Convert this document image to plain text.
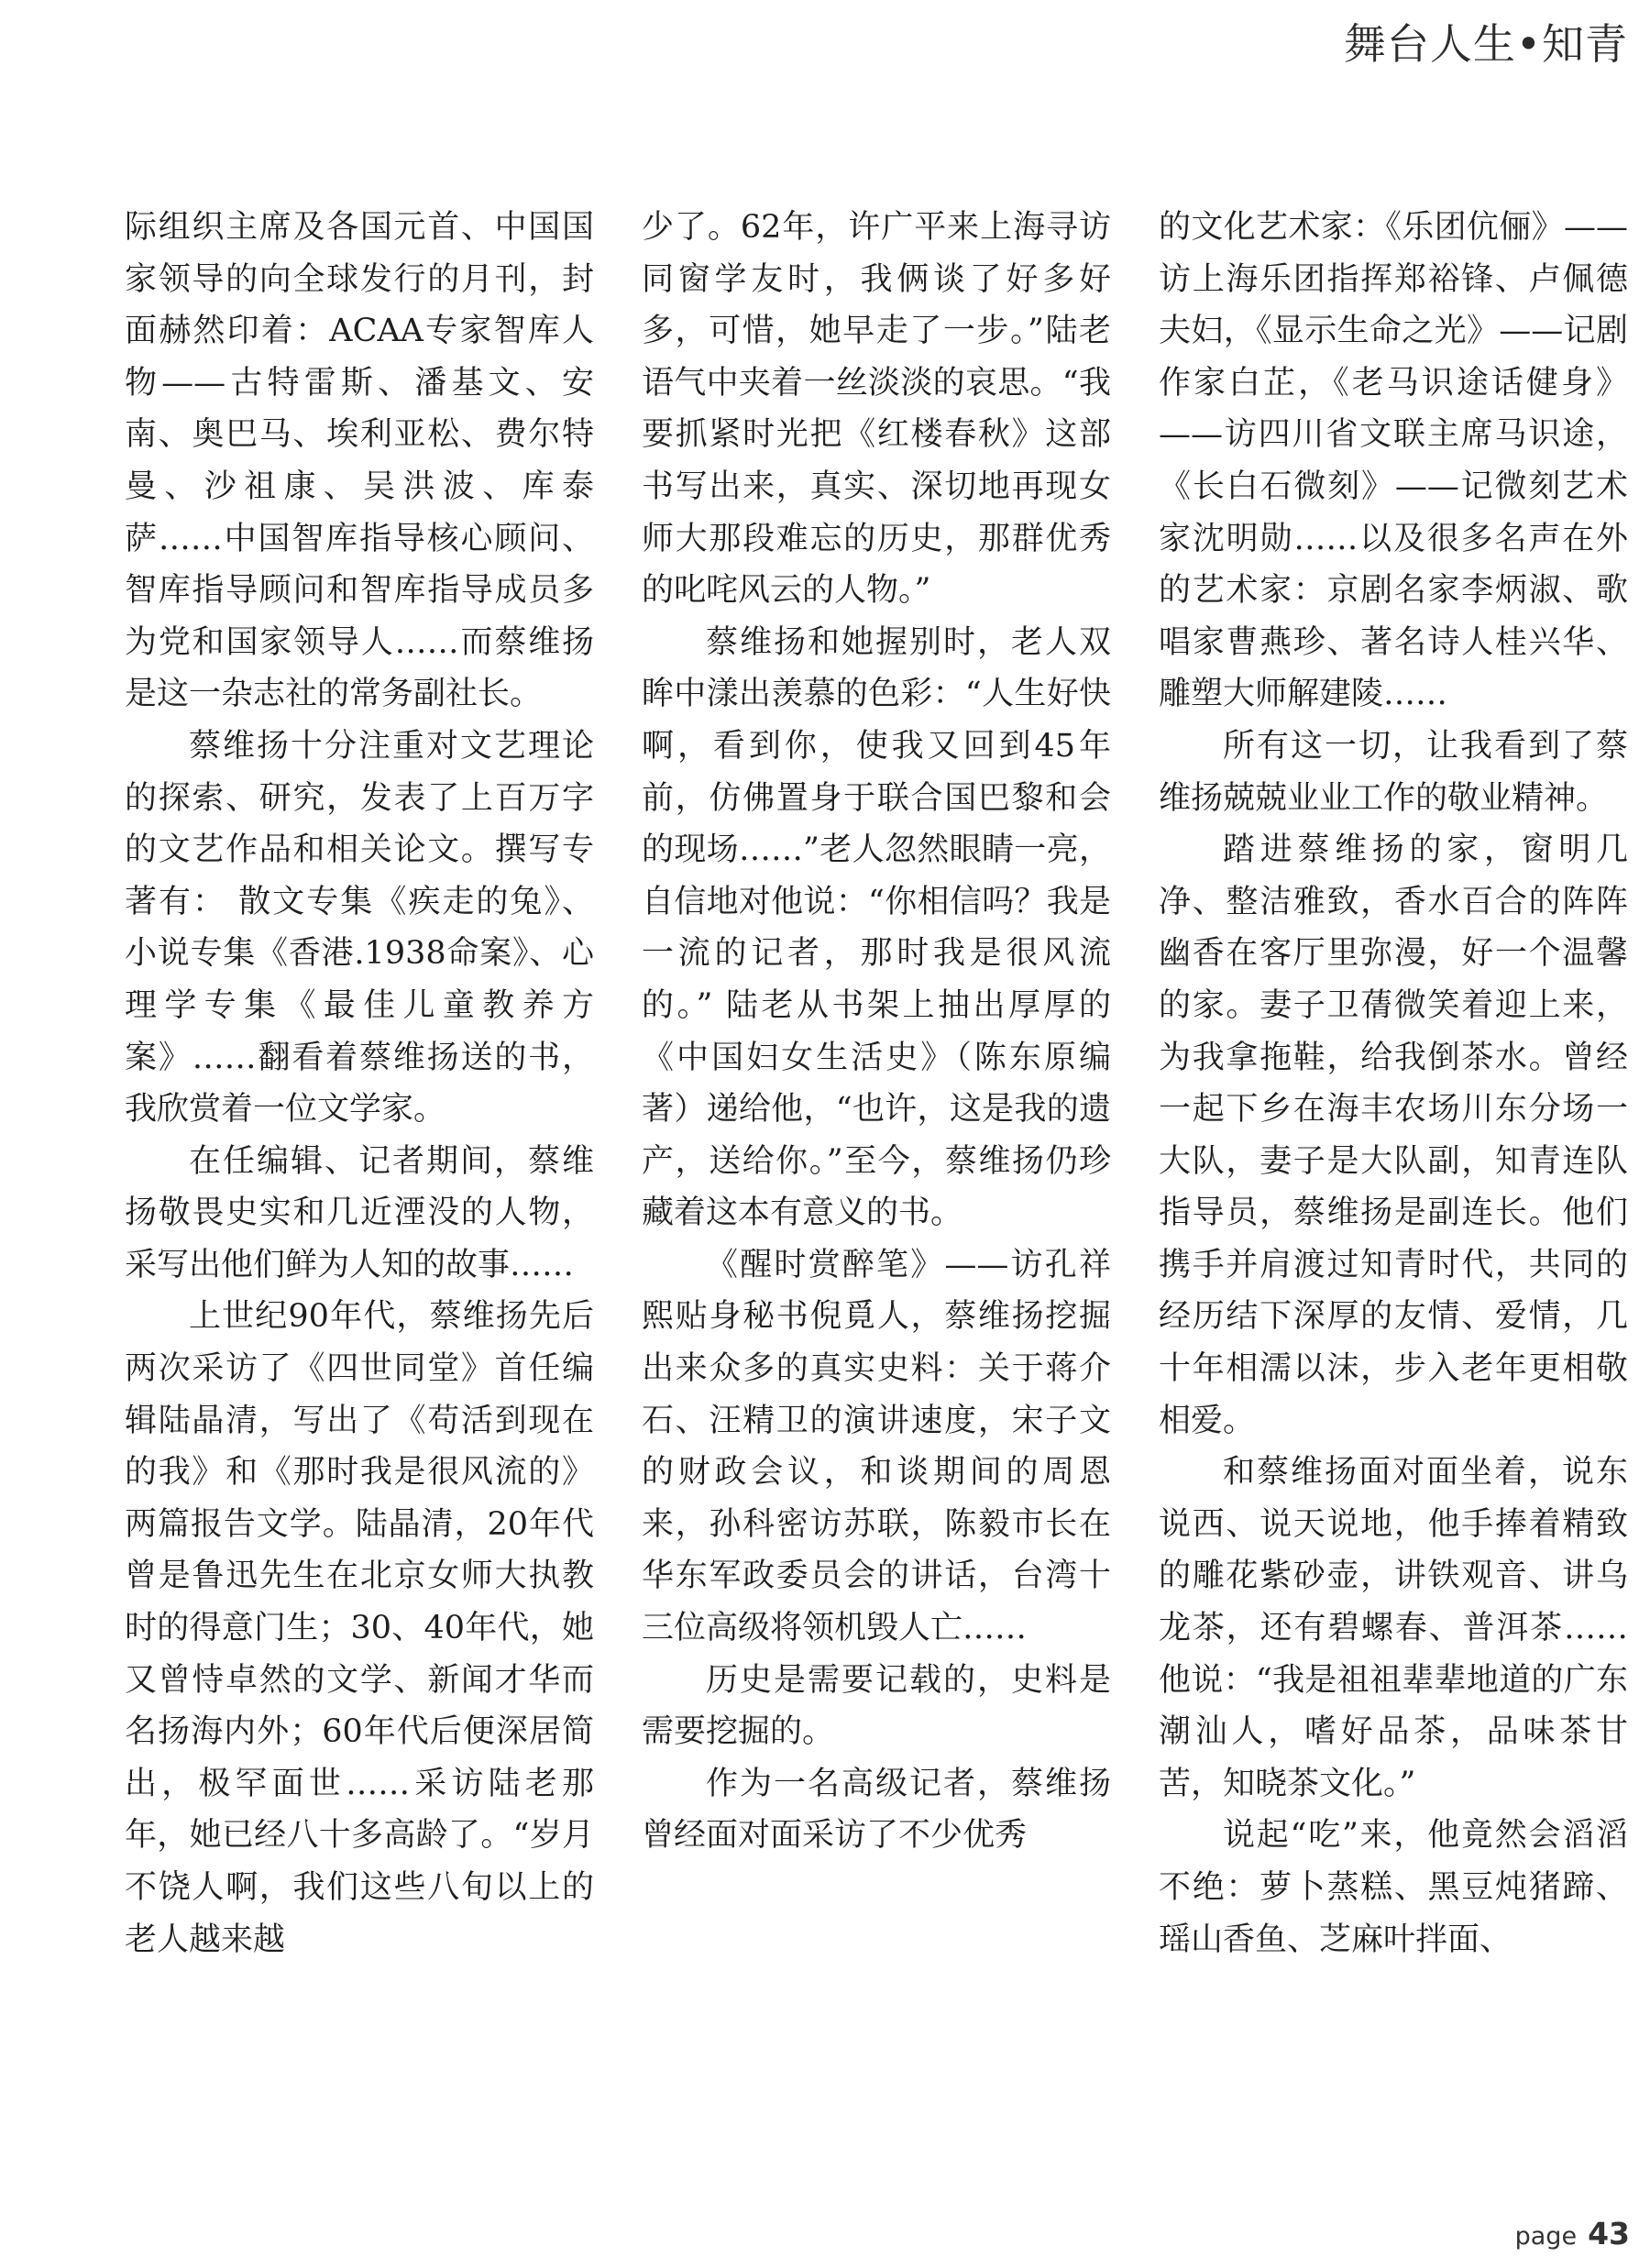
舞台人生•知青

际组织主席及各国元首、中国国家领导的向全球发行的月刊，封面赫然印着：ACAA专家智库人物——古特雷斯、潘基文、安南、奥巴马、埃利亚松、费尔特曼、沙祖康、吴洪波、库泰萨……中国智库指导核心顾问、智库指导顾问和智库指导成员多为党和国家领导人……而蔡维扬是这一杂志社的常务副社长。

蔡维扬十分注重对文艺理论的探索、研究，发表了上百万字的文艺作品和相关论文。撰写专著有： 散文专集《疾走的兔》、小说专集《香港.1938命案》、心理学专集《最佳儿童教养方案》……翻看着蔡维扬送的书，我欣赏着一位文学家。

在任编辑、记者期间，蔡维扬敬畏史实和几近湮没的人物，采写出他们鲜为人知的故事……

上世纪90年代，蔡维扬先后两次采访了《四世同堂》首任编辑陆晶清，写出了《苟活到现在的我》和《那时我是很风流的》两篇报告文学。陆晶清，20年代曾是鲁迅先生在北京女师大执教时的得意门生；30、40年代，她又曾恃卓然的文学、新闻才华而名扬海内外；60年代后便深居简出，极罕面世……采访陆老那年，她已经八十多高龄了。“岁月不饶人啊，我们这些八旬以上的老人越来越

少了。62年，许广平来上海寻访同窗学友时，我俩谈了好多好多，可惜，她早走了一步。”陆老语气中夹着一丝淡淡的哀思。“我要抓紧时光把《红楼春秋》这部书写出来，真实、深切地再现女师大那段难忘的历史，那群优秀的叱咤风云的人物。”

蔡维扬和她握别时，老人双眸中漾出羡慕的色彩：“人生好快啊，看到你，使我又回到45年前，仿佛置身于联合国巴黎和会的现场……”老人忽然眼睛一亮，自信地对他说：“你相信吗？我是一流的记者，那时我是很风流的。” 陆老从书架上抽出厚厚的《中国妇女生活史》（陈东原编著）递给他，“也许，这是我的遗产，送给你。”至今，蔡维扬仍珍藏着这本有意义的书。

《醒时赏醉笔》——访孔祥熙贴身秘书倪覓人，蔡维扬挖掘出来众多的真实史料：关于蒋介石、汪精卫的演讲速度，宋子文的财政会议，和谈期间的周恩来，孙科密访苏联，陈毅市长在华东军政委员会的讲话，台湾十三位高级将领机毁人亡……

历史是需要记载的，史料是需要挖掘的。

作为一名高级记者，蔡维扬曾经面对面采访了不少优秀

的文化艺术家：《乐团伉俪》——访上海乐团指挥郑裕锋、卢佩德夫妇，《显示生命之光》——记剧作家白芷，《老马识途话健身》——访四川省文联主席马识途，《长白石微刻》——记微刻艺术家沈明勋……以及很多名声在外的艺术家：京剧名家李炳淑、歌唱家曹燕珍、著名诗人桂兴华、雕塑大师解建陵……

所有这一切，让我看到了蔡维扬兢兢业业工作的敬业精神。

踏进蔡维扬的家，窗明几净、整洁雅致，香水百合的阵阵幽香在客厅里弥漫，好一个温馨的家。妻子卫蒨微笑着迎上来，为我拿拖鞋，给我倒茶水。曾经一起下乡在海丰农场川东分场一大队，妻子是大队副，知青连队指导员，蔡维扬是副连长。他们携手并肩渡过知青时代，共同的经历结下深厚的友情、爱情，几十年相濡以沫，步入老年更相敬相爱。

和蔡维扬面对面坐着，说东说西、说天说地，他手捧着精致的雕花紫砂壶，讲铁观音、讲乌龙茶，还有碧螺春、普洱茶……他说：“我是祖祖辈辈地道的广东潮汕人，嗜好品茶，品味茶甘苦，知晓茶文化。”

说起“吃”来，他竟然会滔滔不绝：萝卜蒸糕、黑豆炖猪蹄、瑶山香鱼、芝麻叶拌面、

page 43
